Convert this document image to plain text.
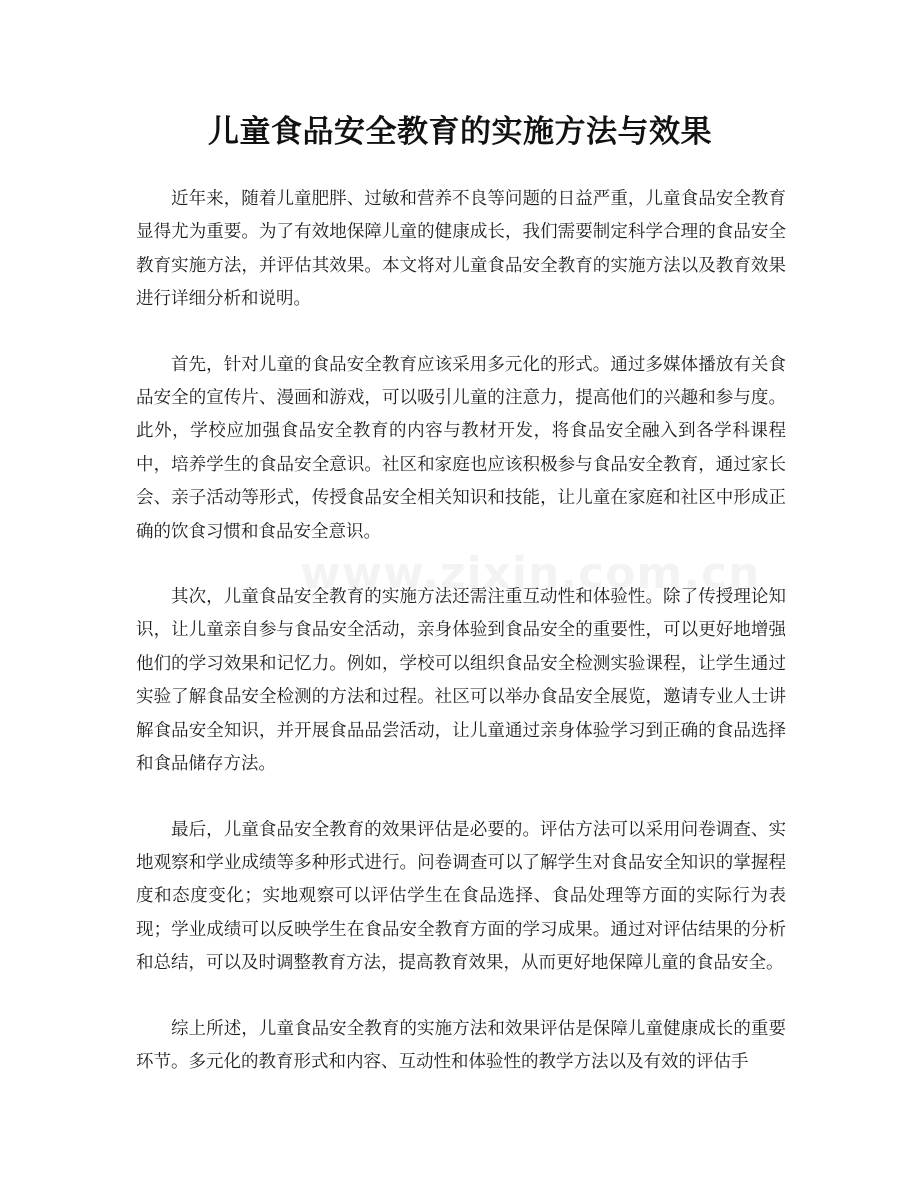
儿童食品安全教育的实施方法与效果

近年来，随着儿童肥胖、过敏和营养不良等问题的日益严重，儿童食品安全教育显得尤为重要。为了有效地保障儿童的健康成长，我们需要制定科学合理的食品安全教育实施方法，并评估其效果。本文将对儿童食品安全教育的实施方法以及教育效果进行详细分析和说明。

首先，针对儿童的食品安全教育应该采用多元化的形式。通过多媒体播放有关食品安全的宣传片、漫画和游戏，可以吸引儿童的注意力，提高他们的兴趣和参与度。此外，学校应加强食品安全教育的内容与教材开发，将食品安全融入到各学科课程中，培养学生的食品安全意识。社区和家庭也应该积极参与食品安全教育，通过家长会、亲子活动等形式，传授食品安全相关知识和技能，让儿童在家庭和社区中形成正确的饮食习惯和食品安全意识。

其次，儿童食品安全教育的实施方法还需注重互动性和体验性。除了传授理论知识，让儿童亲自参与食品安全活动，亲身体验到食品安全的重要性，可以更好地增强他们的学习效果和记忆力。例如，学校可以组织食品安全检测实验课程，让学生通过实验了解食品安全检测的方法和过程。社区可以举办食品安全展览，邀请专业人士讲解食品安全知识，并开展食品品尝活动，让儿童通过亲身体验学习到正确的食品选择和食品储存方法。

最后，儿童食品安全教育的效果评估是必要的。评估方法可以采用问卷调查、实地观察和学业成绩等多种形式进行。问卷调查可以了解学生对食品安全知识的掌握程度和态度变化；实地观察可以评估学生在食品选择、食品处理等方面的实际行为表现；学业成绩可以反映学生在食品安全教育方面的学习成果。通过对评估结果的分析和总结，可以及时调整教育方法，提高教育效果，从而更好地保障儿童的食品安全。

综上所述，儿童食品安全教育的实施方法和效果评估是保障儿童健康成长的重要环节。多元化的教育形式和内容、互动性和体验性的教学方法以及有效的评估手
